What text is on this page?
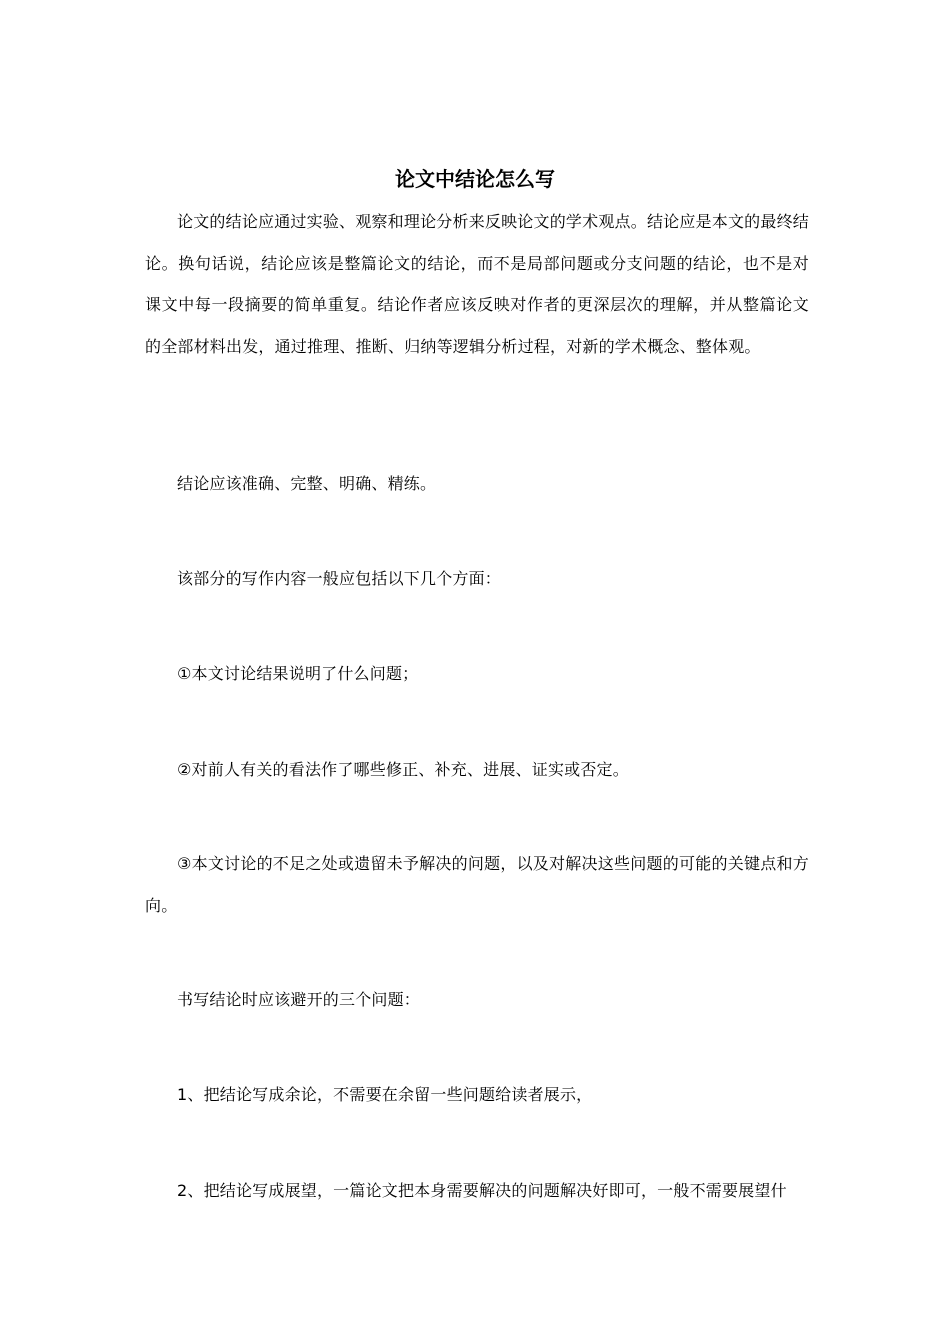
论文中结论怎么写

论文的结论应通过实验、观察和理论分析来反映论文的学术观点。结论应是本文的最终结论。换句话说，结论应该是整篇论文的结论，而不是局部问题或分支问题的结论，也不是对课文中每一段摘要的简单重复。结论作者应该反映对作者的更深层次的理解，并从整篇论文的全部材料出发，通过推理、推断、归纳等逻辑分析过程，对新的学术概念、整体观。

结论应该准确、完整、明确、精练。

该部分的写作内容一般应包括以下几个方面：

①本文讨论结果说明了什么问题；

②对前人有关的看法作了哪些修正、补充、进展、证实或否定。

③本文讨论的不足之处或遗留未予解决的问题，以及对解决这些问题的可能的关键点和方向。

书写结论时应该避开的三个问题：

1、把结论写成余论，不需要在余留一些问题给读者展示，

2、把结论写成展望，一篇论文把本身需要解决的问题解决好即可，一般不需要展望什
